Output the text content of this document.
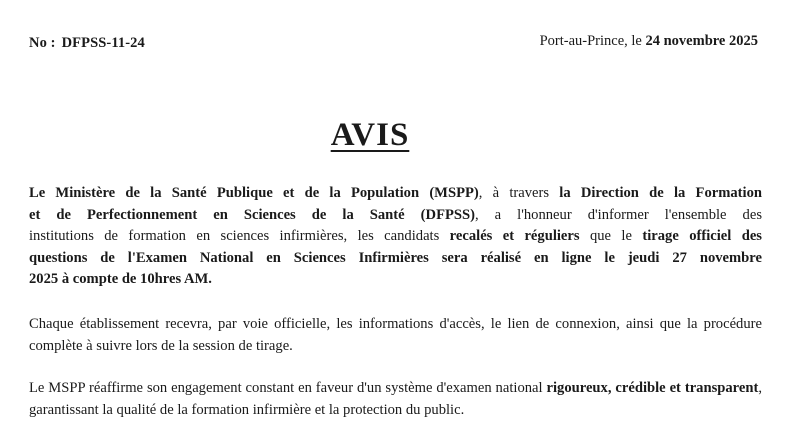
No : DFPSS-11-24	Port-au-Prince, le 24 novembre 2025
AVIS
Le Ministère de la Santé Publique et de la Population (MSPP), à travers la Direction de la Formation
et de Perfectionnement en Sciences de la Santé (DFPSS), a l'honneur d'informer l'ensemble des
institutions de formation en sciences infirmières, les candidats recalés et réguliers que le tirage officiel des
questions de l'Examen National en Sciences Infirmières sera réalisé en ligne le jeudi 27 novembre
2025 à compte de 10hres AM.
Chaque établissement recevra, par voie officielle, les informations d'accès, le lien de connexion, ainsi que la procédure complète à suivre lors de la session de tirage.
Le MSPP réaffirme son engagement constant en faveur d'un système d'examen national rigoureux, crédible et transparent, garantissant la qualité de la formation infirmière et la protection du public.
